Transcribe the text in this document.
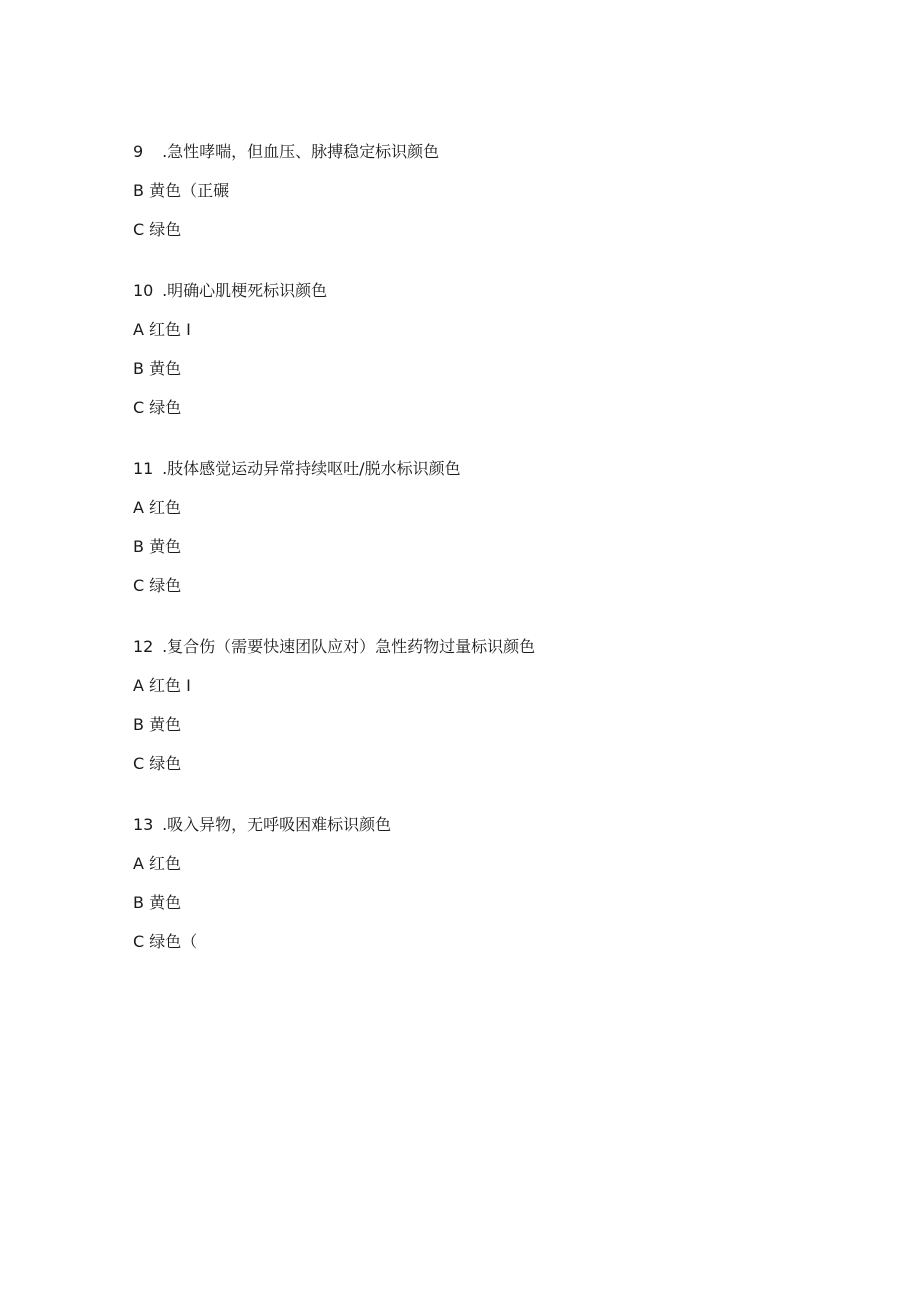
9 .急性哮喘，但血压、脉搏稳定标识颜色
B 黄色（正碾
C 绿色
10 .明确心肌梗死标识颜色
A 红色 I
B 黄色
C 绿色
11 .肢体感觉运动异常持续呕吐/脱水标识颜色
A 红色
B 黄色
C 绿色
12 .复合伤（需要快速团队应对）急性药物过量标识颜色
A 红色 I
B 黄色
C 绿色
13 .吸入异物，无呼吸困难标识颜色
A 红色
B 黄色
C 绿色（
